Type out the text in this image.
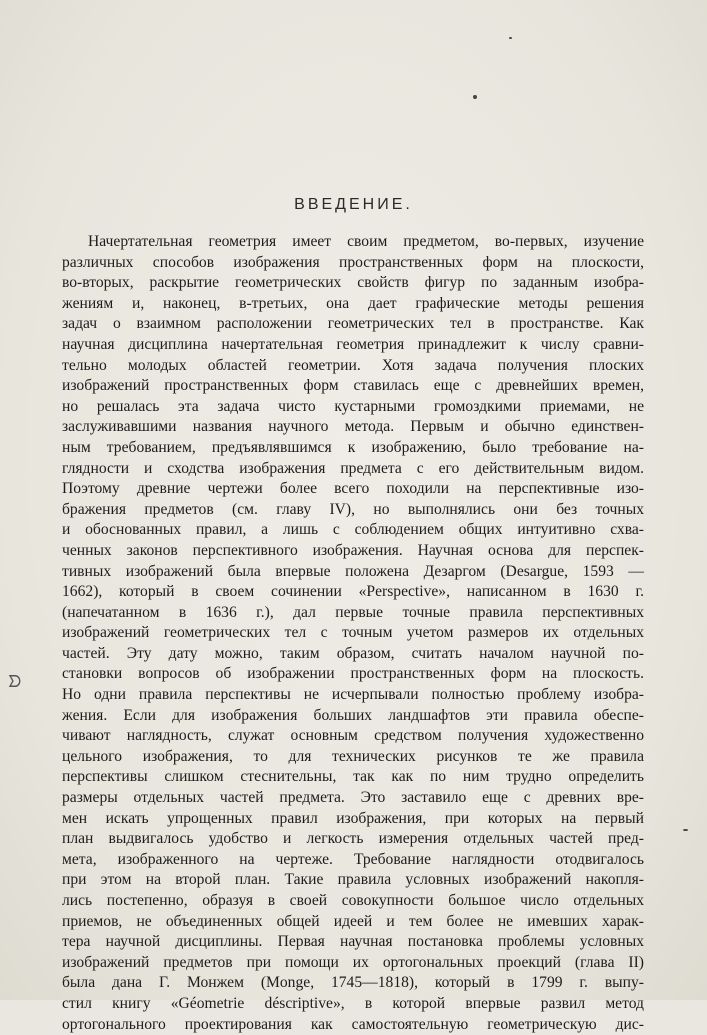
ᗤ
ВВЕДЕНИЕ.
Начертательная геометрия имеет своим предметом, во-первых, изучение
различных способов изображения пространственных форм на плоскости,
во-вторых, раскрытие геометрических свойств фигур по заданным изобра-
жениям и, наконец, в-третьих, она дает графические методы решения
задач о взаимном расположении геометрических тел в пространстве. Как
научная дисциплина начертательная геометрия принадлежит к числу сравни-
тельно молодых областей геометрии. Хотя задача получения плоских
изображений пространственных форм ставилась еще с древнейших времен,
но решалась эта задача чисто кустарными громоздкими приемами, не
заслуживавшими названия научного метода. Первым и обычно единствен-
ным требованием, предъявлявшимся к изображению, было требование на-
глядности и сходства изображения предмета с его действительным видом.
Поэтому древние чертежи более всего походили на перспективные изо-
бражения предметов (см. главу IV), но выполнялись они без точных
и обоснованных правил, а лишь с соблюдением общих интуитивно схва-
ченных законов перспективного изображения. Научная основа для перспек-
тивных изображений была впервые положена Дезаргом (Desargue, 1593 —
1662), который в своем сочинении «Perspective», написанном в 1630 г.
(напечатанном в 1636 г.), дал первые точные правила перспективных
изображений геометрических тел с точным учетом размеров их отдельных
частей. Эту дату можно, таким образом, считать началом научной по-
становки вопросов об изображении пространственных форм на плоскость.
Но одни правила перспективы не исчерпывали полностью проблему изобра-
жения. Если для изображения больших ландшафтов эти правила обеспе-
чивают наглядность, служат основным средством получения художественно
цельного изображения, то для технических рисунков те же правила
перспективы слишком стеснительны, так как по ним трудно определить
размеры отдельных частей предмета. Это заставило еще с древних вре-
мен искать упрощенных правил изображения, при которых на первый
план выдвигалось удобство и легкость измерения отдельных частей пред-
мета, изображенного на чертеже. Требование наглядности отодвигалось
при этом на второй план. Такие правила условных изображений накопля-
лись постепенно, образуя в своей совокупности большое число отдельных
приемов, не объединенных общей идеей и тем более не имевших харак-
тера научной дисциплины. Первая научная постановка проблемы условных
изображений предметов при помощи их ортогональных проекций (глава II)
была дана Г. Монжем (Monge, 1745—1818), который в 1799 г. выпу-
стил книгу «Géometrie déscriptive», в которой впервые развил метод
ортогонального проектирования как самостоятельную геометрическую дис-
